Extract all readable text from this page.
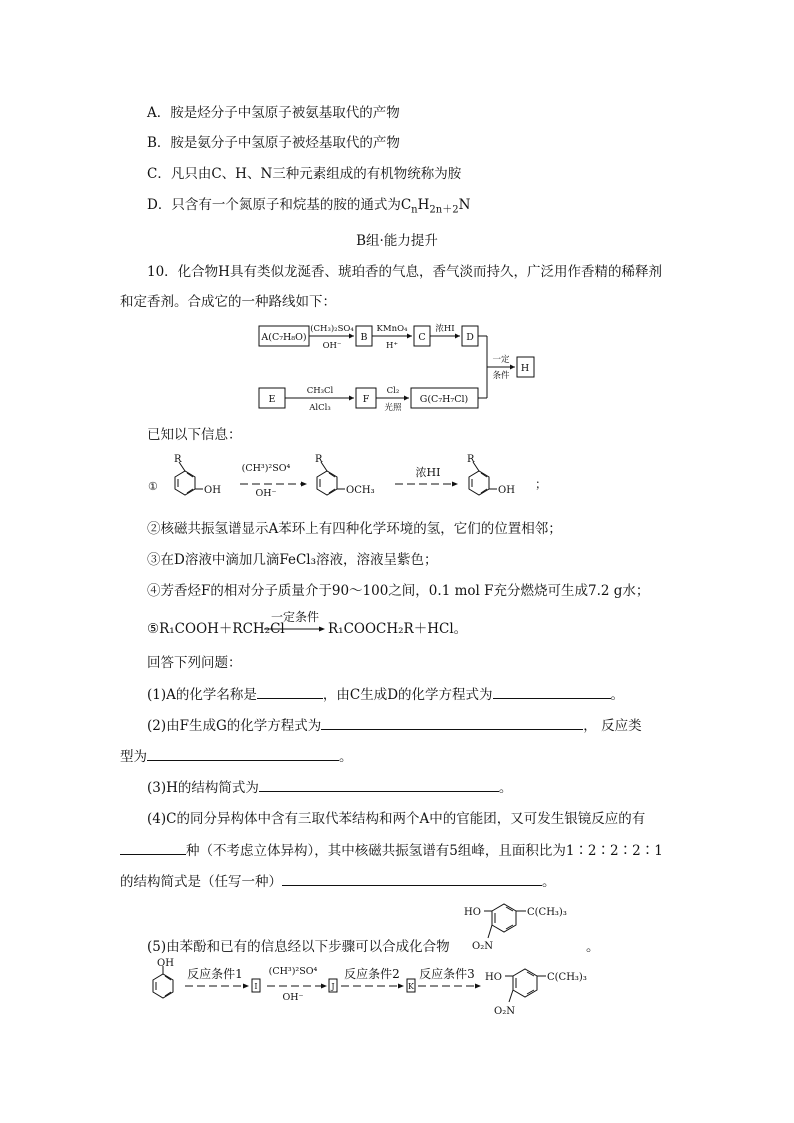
A．胺是烃分子中氢原子被氨基取代的产物
B．胺是氨分子中氢原子被烃基取代的产物
C．凡只由C、H、N三种元素组成的有机物统称为胺
D．只含有一个氮原子和烷基的胺的通式为$C_nH_{2n+2}N$
B组·能力提升
10．化合物H具有类似龙涎香、琥珀香的气息，香气淡而持久，广泛用作香精的稀释剂
和定香剂。合成它的一种路线如下：
A(C₇H₈O)	B	C	D
E	F	G(C₇H₇Cl)
H
(CH₃)₂SO₄
OH⁻
KMnO₄
H⁺
浓HI
CH₃Cl
AlCl₃
Cl₂
光照
一定
条件
已知以下信息：
①
R
OH
(CH³)²SO⁴
OH⁻
R
OCH₃
浓HI
R
OH ；
②核磁共振氢谱显示A苯环上有四种化学环境的氢，它们的位置相邻；
③在D溶液中滴加几滴FeCl₃溶液，溶液呈紫色；
④芳香烃F的相对分子质量介于90～100之间，0.1 mol F充分燃烧可生成7.2 g水；
⑤R₁COOH＋RCH₂Cl
一定条件
R₁COOCH₂R＋HCl。
回答下列问题：
(1)A的化学名称是	，由C生成D的化学方程式为	。
(2)由F生成G的化学方程式为	， 反应类
型为	。
(3)H的结构简式为	。
(4)C的同分异构体中含有三取代苯结构和两个A中的官能团，又可发生银镜反应的有
种（不考虑立体异构），其中核磁共振氢谱有5组峰，且面积比为1∶2∶2∶2∶1
的结构简式是（任写一种）	。
HO	C(CH₃)₃
O₂N
(5)由苯酚和已有的信息经以下步骤可以合成化合物	。
OH
反应条件1
I
(CH³)²SO⁴
OH⁻
J
反应条件2
K
反应条件3 HO	C(CH₃)₃
O₂N
